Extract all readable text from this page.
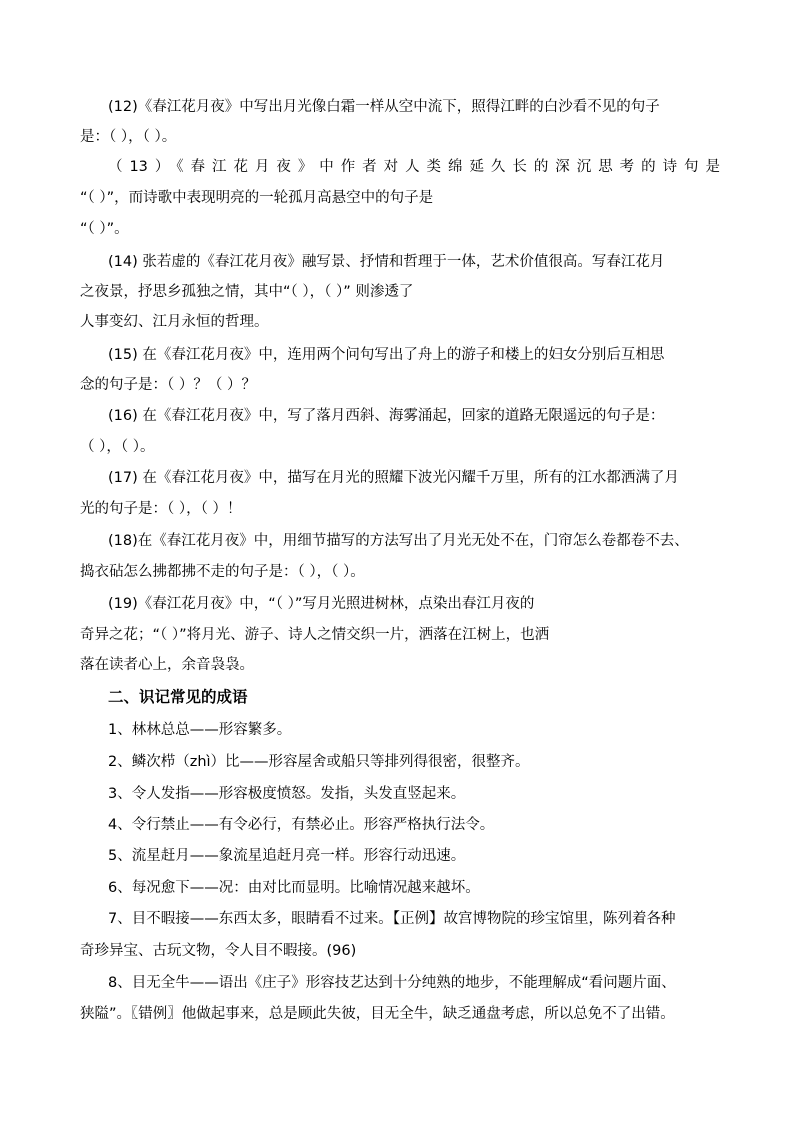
(12)《春江花月夜》中写出月光像白霜一样从空中流下，照得江畔的白沙看不见的句子
是：（ ），（ ）。
（13）《春江花月夜》中作者对人类绵延久长的深沉思考的诗句是
“（ ）”，而诗歌中表现明亮的一轮孤月高悬空中的句子是
“（ ）”。
(14) 张若虚的《春江花月夜》融写景、抒情和哲理于一体，艺术价值很高。写春江花月
之夜景，抒思乡孤独之情，其中“（ ），（ ）” 则渗透了
人事变幻、江月永恒的哲理。
(15) 在《春江花月夜》中，连用两个问句写出了舟上的游子和楼上的妇女分别后互相思
念的句子是：（ ）？（ ）？
(16) 在《春江花月夜》中，写了落月西斜、海雾涌起，回家的道路无限遥远的句子是：
（ ），（ ）。
(17) 在《春江花月夜》中，描写在月光的照耀下波光闪耀千万里，所有的江水都洒满了月
光的句子是：（ ），（ ）！
(18)在《春江花月夜》中，用细节描写的方法写出了月光无处不在，门帘怎么卷都卷不去、
捣衣砧怎么拂都拂不走的句子是：（ ），（ ）。
(19)《春江花月夜》中，“（ ）”写月光照进树林，点染出春江月夜的
奇异之花；“（ ）”将月光、游子、诗人之情交织一片，洒落在江树上，也洒
落在读者心上，余音袅袅。
二、识记常见的成语
1、林林总总——形容繁多。
2、鳞次栉（zhì）比——形容屋舍或船只等排列得很密，很整齐。
3、令人发指——形容极度愤怒。发指，头发直竖起来。
4、令行禁止——有令必行，有禁必止。形容严格执行法令。
5、流星赶月——象流星追赶月亮一样。形容行动迅速。
6、每况愈下——况：由对比而显明。比喻情况越来越坏。
7、目不暇接——东西太多，眼睛看不过来。【正例】故宫博物院的珍宝馆里，陈列着各种
奇珍异宝、古玩文物，令人目不暇接。(96)
8、目无全牛——语出《庄子》形容技艺达到十分纯熟的地步，不能理解成“看问题片面、
狭隘”。〖错例〗他做起事来，总是顾此失彼，目无全牛，缺乏通盘考虑，所以总免不了出错。
